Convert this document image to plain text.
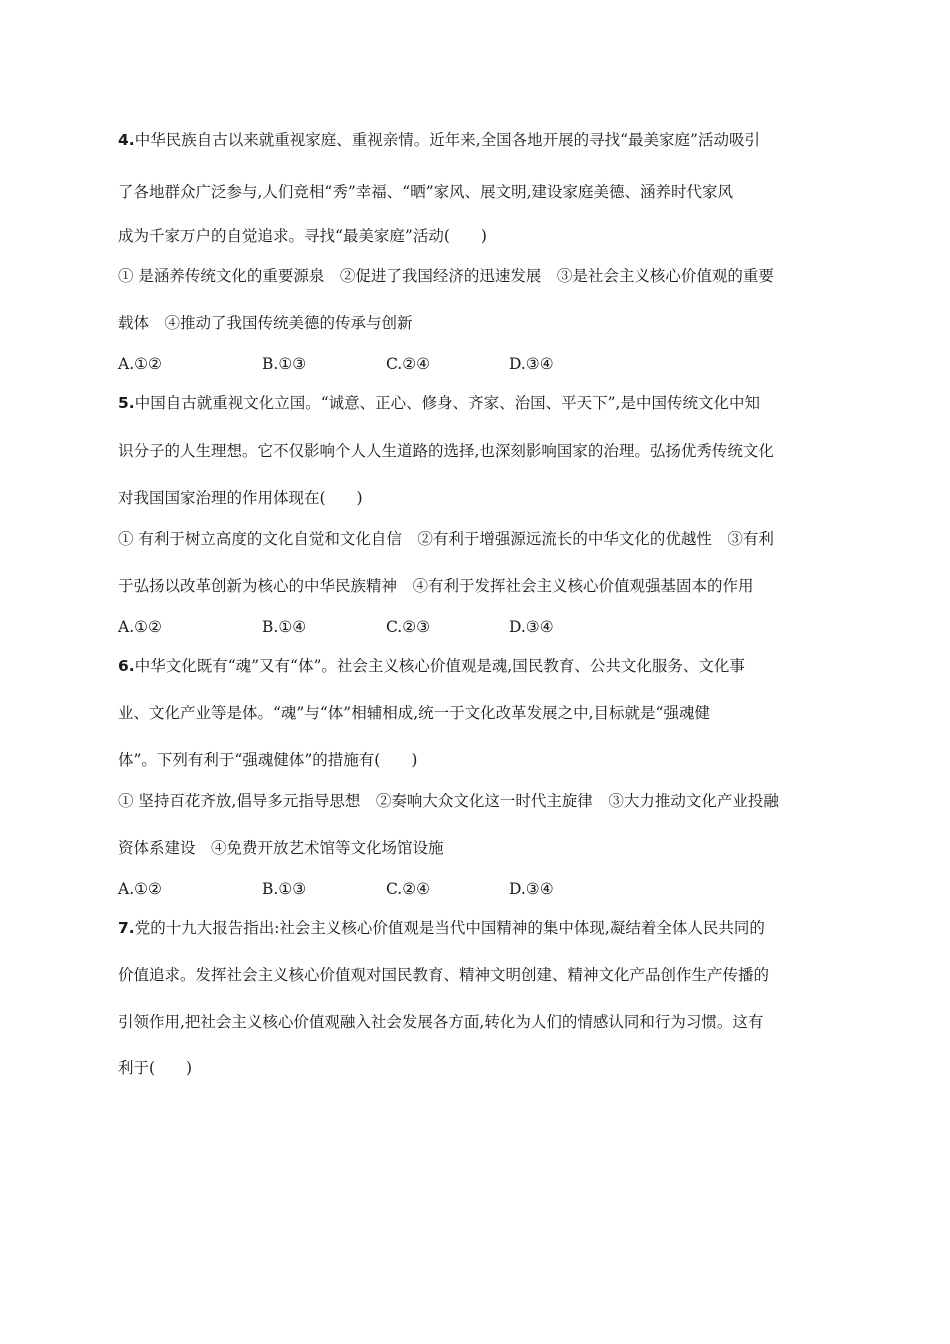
4.中华民族自古以来就重视家庭、重视亲情。近年来,全国各地开展的寻找“最美家庭”活动吸引
了各地群众广泛参与,人们竞相“秀”幸福、“晒”家风、展文明,建设家庭美德、涵养时代家风
成为千家万户的自觉追求。寻找“最美家庭”活动(　　)
① 是涵养传统文化的重要源泉　②促进了我国经济的迅速发展　③是社会主义核心价值观的重要
载体　④推动了我国传统美德的传承与创新
A.①②	B.①③	C.②④	D.③④
5.中国自古就重视文化立国。“诚意、正心、修身、齐家、治国、平天下”,是中国传统文化中知
识分子的人生理想。它不仅影响个人人生道路的选择,也深刻影响国家的治理。弘扬优秀传统文化
对我国国家治理的作用体现在(　　)
① 有利于树立高度的文化自觉和文化自信　②有利于增强源远流长的中华文化的优越性　③有利
于弘扬以改革创新为核心的中华民族精神　④有利于发挥社会主义核心价值观强基固本的作用
A.①②	B.①④	C.②③	D.③④
6.中华文化既有“魂”又有“体”。社会主义核心价值观是魂,国民教育、公共文化服务、文化事
业、文化产业等是体。“魂”与“体”相辅相成,统一于文化改革发展之中,目标就是“强魂健
体”。下列有利于“强魂健体”的措施有(　　)
① 坚持百花齐放,倡导多元指导思想　②奏响大众文化这一时代主旋律　③大力推动文化产业投融
资体系建设　④免费开放艺术馆等文化场馆设施
A.①②	B.①③	C.②④	D.③④
7.党的十九大报告指出:社会主义核心价值观是当代中国精神的集中体现,凝结着全体人民共同的
价值追求。发挥社会主义核心价值观对国民教育、精神文明创建、精神文化产品创作生产传播的
引领作用,把社会主义核心价值观融入社会发展各方面,转化为人们的情感认同和行为习惯。这有
利于(　　)
